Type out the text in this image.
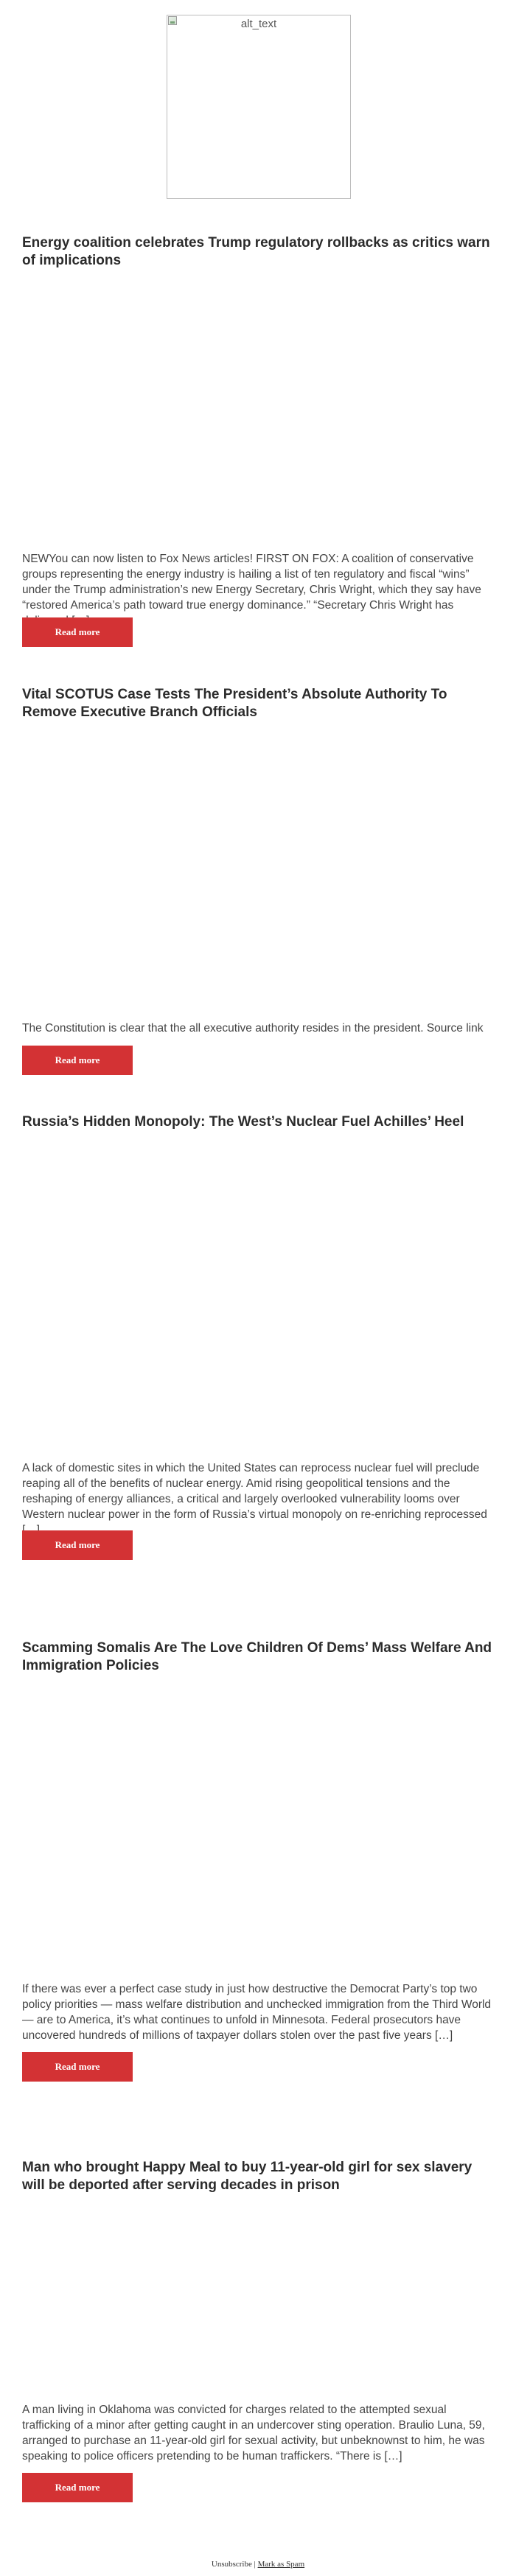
alt_text
Energy coalition celebrates Trump regulatory rollbacks as critics warn of implications

NEWYou can now listen to Fox News articles! FIRST ON FOX: A coalition of conservative groups representing the energy industry is hailing a list of ten regulatory and fiscal “wins” under the Trump administration’s new Energy Secretary, Chris Wright, which they say have “restored America’s path toward true energy dominance.” “Secretary Chris Wright has

Read more
Vital SCOTUS Case Tests The President’s Absolute Authority To Remove Executive Branch Officials

The Constitution is clear that the all executive authority resides in the president. Source link

Read more
Russia’s Hidden Monopoly: The West’s Nuclear Fuel Achilles’ Heel

A lack of domestic sites in which the United States can reprocess nuclear fuel will preclude reaping all of the benefits of nuclear energy. Amid rising geopolitical tensions and the reshaping of energy alliances, a critical and largely overlooked vulnerability looms over Western nuclear power in the form of Russia’s virtual monopoly on re-enriching reprocessed

Read more
Scamming Somalis Are The Love Children Of Dems’ Mass Welfare And Immigration Policies

If there was ever a perfect case study in just how destructive the Democrat Party’s top two policy priorities — mass welfare distribution and unchecked immigration from the Third World — are to America, it’s what continues to unfold in Minnesota. Federal prosecutors have uncovered hundreds of millions of taxpayer dollars stolen over the past five years […]

Read more
Man who brought Happy Meal to buy 11-year-old girl for sex slavery will be deported after serving decades in prison

A man living in Oklahoma was convicted for charges related to the attempted sexual trafficking of a minor after getting caught in an undercover sting operation. Braulio Luna, 59, arranged to purchase an 11-year-old girl for sexual activity, but unbeknownst to him, he was speaking to police officers pretending to be human traffickers. “There is […]

Read more
Unsubscribe | Mark as Spam
